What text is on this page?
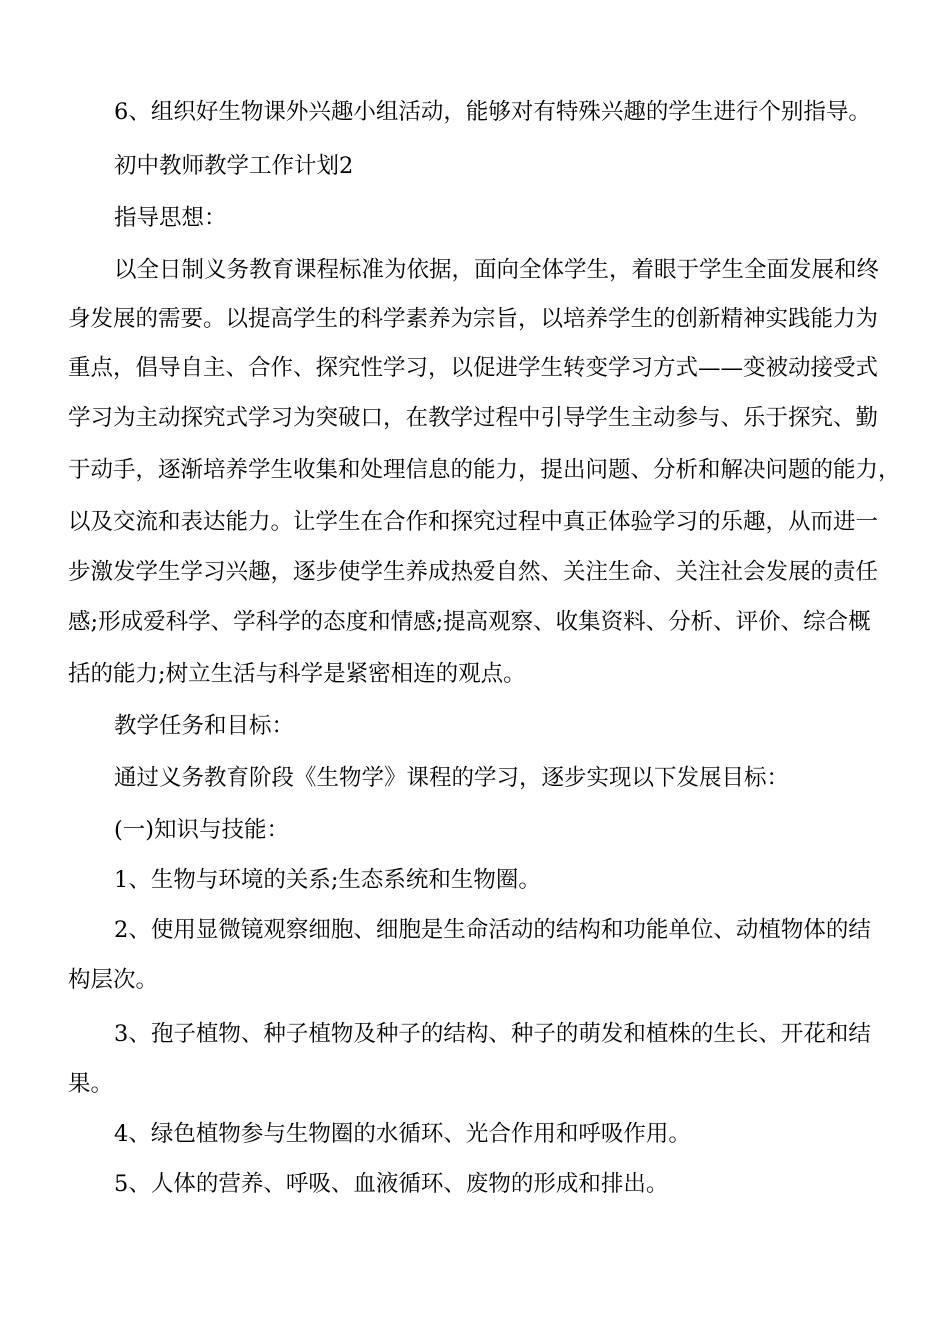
6、组织好生物课外兴趣小组活动，能够对有特殊兴趣的学生进行个别指导。
初中教师教学工作计划2
指导思想：
以全日制义务教育课程标准为依据，面向全体学生，着眼于学生全面发展和终
身发展的需要。以提高学生的科学素养为宗旨，以培养学生的创新精神实践能力为
重点，倡导自主、合作、探究性学习，以促进学生转变学习方式——变被动接受式
学习为主动探究式学习为突破口，在教学过程中引导学生主动参与、乐于探究、勤
于动手，逐渐培养学生收集和处理信息的能力，提出问题、分析和解决问题的能力，
以及交流和表达能力。让学生在合作和探究过程中真正体验学习的乐趣，从而进一
步激发学生学习兴趣，逐步使学生养成热爱自然、关注生命、关注社会发展的责任
感;形成爱科学、学科学的态度和情感;提高观察、收集资料、分析、评价、综合概
括的能力;树立生活与科学是紧密相连的观点。
教学任务和目标：
通过义务教育阶段《生物学》课程的学习，逐步实现以下发展目标：
(一)知识与技能：
1、生物与环境的关系;生态系统和生物圈。
2、使用显微镜观察细胞、细胞是生命活动的结构和功能单位、动植物体的结
构层次。
3、孢子植物、种子植物及种子的结构、种子的萌发和植株的生长、开花和结
果。
4、绿色植物参与生物圈的水循环、光合作用和呼吸作用。
5、人体的营养、呼吸、血液循环、废物的形成和排出。
